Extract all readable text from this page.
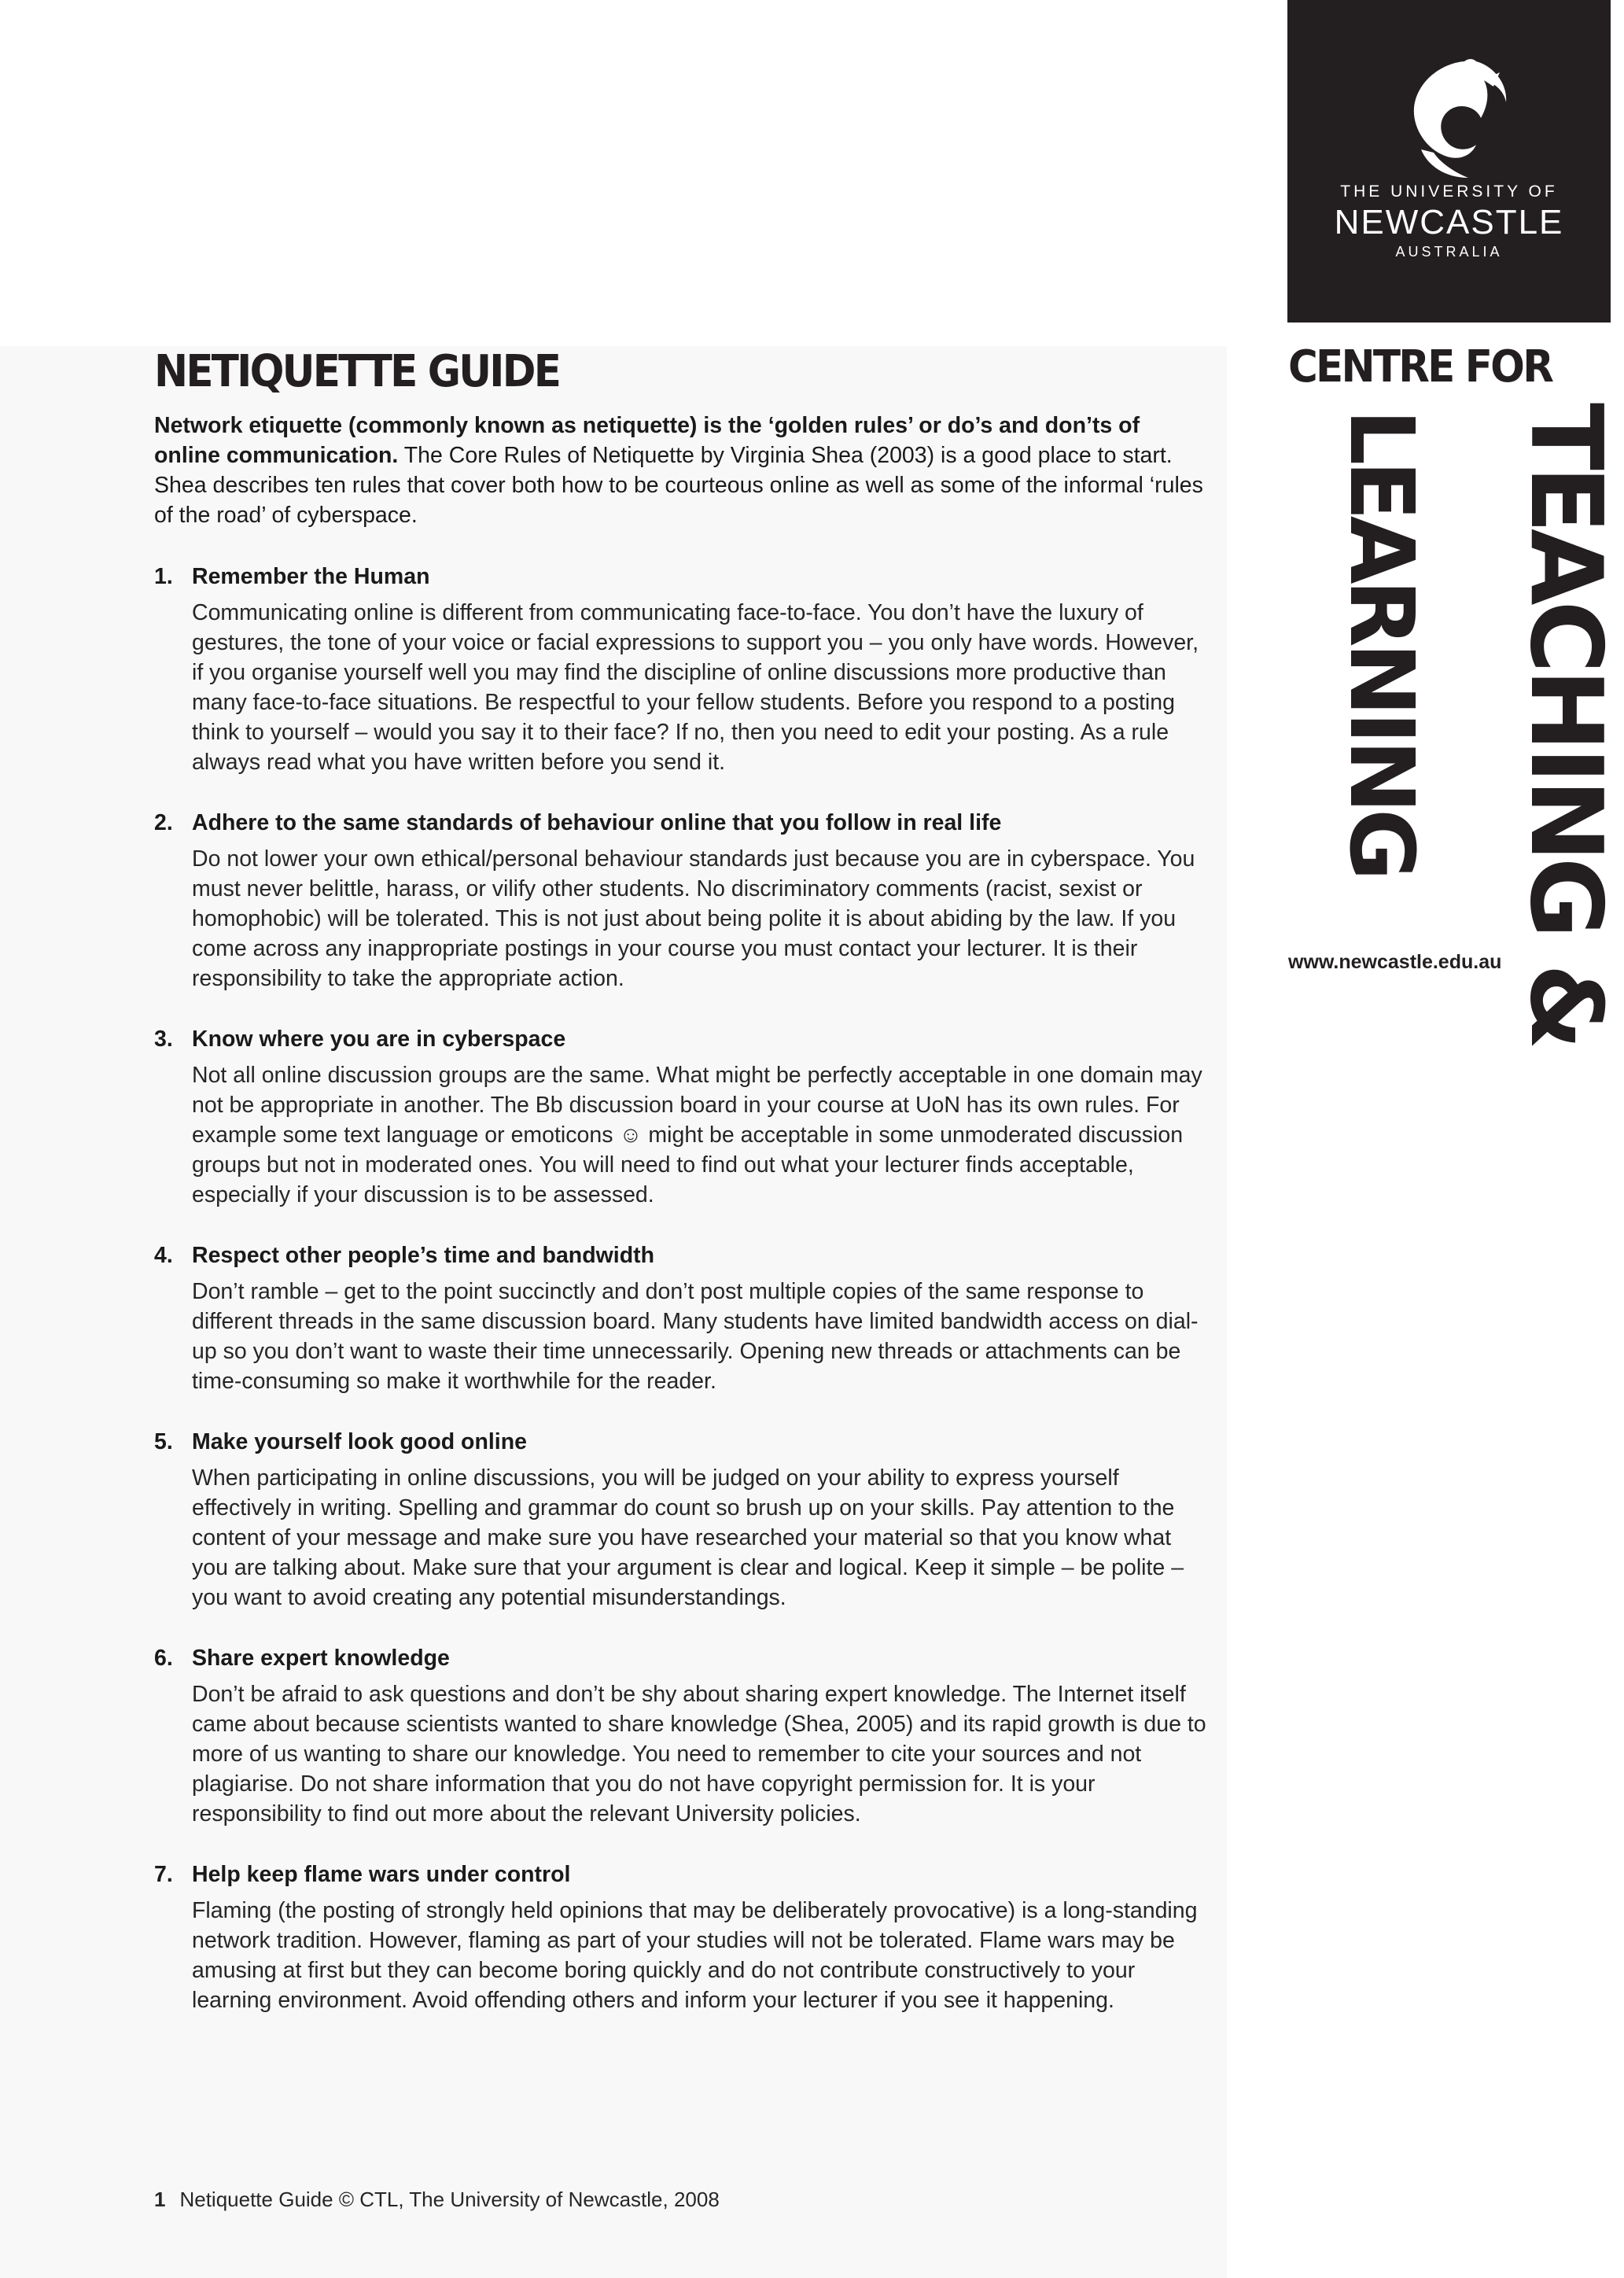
THE UNIVERSITY OF
NEWCASTLE
AUSTRALIA
CENTRE FOR
TEACHING &
LEARNING
www.newcastle.edu.au
NETIQUETTE GUIDE

Network etiquette (commonly known as netiquette) is the ‘golden rules’ or do’s and don’ts of online communication. The Core Rules of Netiquette by Virginia Shea (2003) is a good place to start. Shea describes ten rules that cover both how to be courteous online as well as some of the informal ‘rules of the road’ of cyberspace.

1. Remember the Human
Communicating online is different from communicating face-to-face. You don’t have the luxury of gestures, the tone of your voice or facial expressions to support you – you only have words. However, if you organise yourself well you may find the discipline of online discussions more productive than many face-to-face situations. Be respectful to your fellow students. Before you respond to a posting think to yourself – would you say it to their face? If no, then you need to edit your posting. As a rule always read what you have written before you send it.
2. Adhere to the same standards of behaviour online that you follow in real life
Do not lower your own ethical/personal behaviour standards just because you are in cyberspace. You must never belittle, harass, or vilify other students. No discriminatory comments (racist, sexist or homophobic) will be tolerated. This is not just about being polite it is about abiding by the law. If you come across any inappropriate postings in your course you must contact your lecturer. It is their responsibility to take the appropriate action.
3. Know where you are in cyberspace
Not all online discussion groups are the same. What might be perfectly acceptable in one domain may not be appropriate in another. The Bb discussion board in your course at UoN has its own rules. For example some text language or emoticons ☺ might be acceptable in some unmoderated discussion groups but not in moderated ones. You will need to find out what your lecturer finds acceptable, especially if your discussion is to be assessed.
4. Respect other people’s time and bandwidth
Don’t ramble – get to the point succinctly and don’t post multiple copies of the same response to different threads in the same discussion board. Many students have limited bandwidth access on dial-up so you don’t want to waste their time unnecessarily. Opening new threads or attachments can be time-consuming so make it worthwhile for the reader.
5. Make yourself look good online
When participating in online discussions, you will be judged on your ability to express yourself effectively in writing. Spelling and grammar do count so brush up on your skills. Pay attention to the content of your message and make sure you have researched your material so that you know what you are talking about. Make sure that your argument is clear and logical. Keep it simple – be polite – you want to avoid creating any potential misunderstandings.
6. Share expert knowledge
Don’t be afraid to ask questions and don’t be shy about sharing expert knowledge. The Internet itself came about because scientists wanted to share knowledge (Shea, 2005) and its rapid growth is due to more of us wanting to share our knowledge. You need to remember to cite your sources and not plagiarise. Do not share information that you do not have copyright permission for. It is your responsibility to find out more about the relevant University policies.
7. Help keep flame wars under control
Flaming (the posting of strongly held opinions that may be deliberately provocative) is a long-standing network tradition. However, flaming as part of your studies will not be tolerated. Flame wars may be amusing at first but they can become boring quickly and do not contribute constructively to your learning environment. Avoid offending others and inform your lecturer if you see it happening.
1 Netiquette Guide © CTL, The University of Newcastle, 2008
